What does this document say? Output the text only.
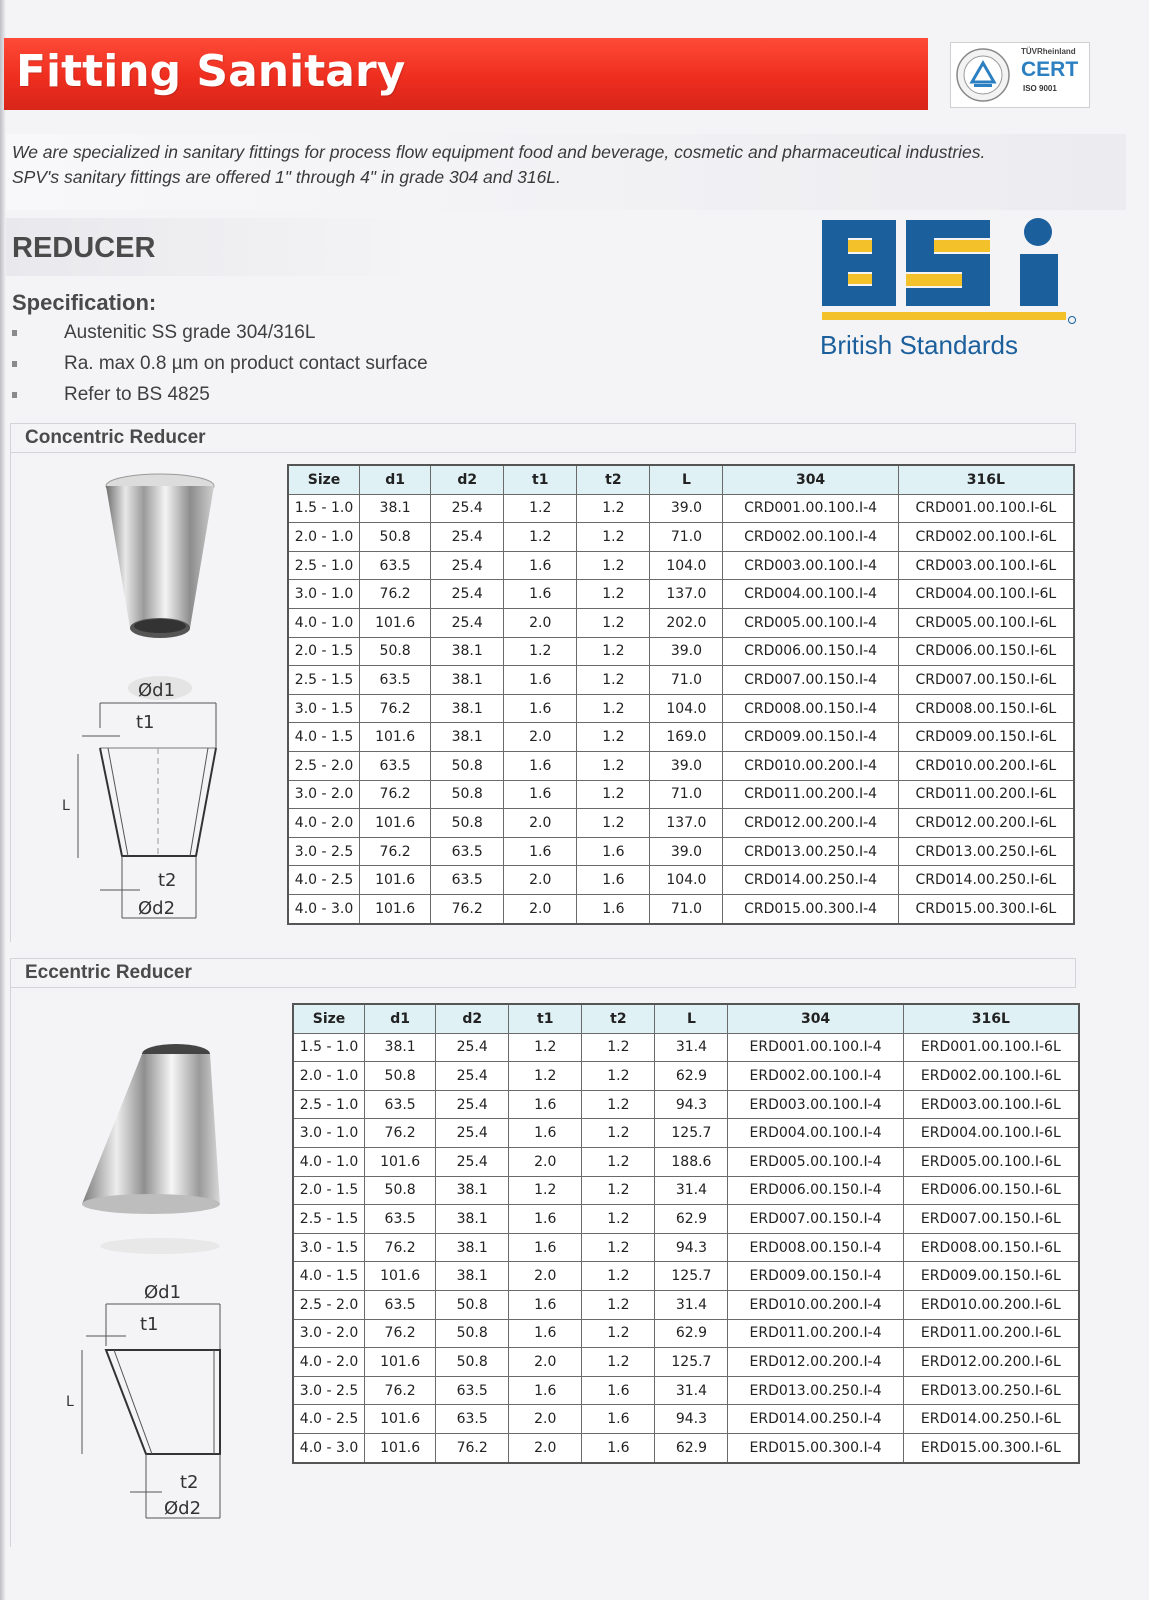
Fitting Sanitary	TÜVRheinland
CERT
ISO 9001

We are specialized in sanitary fittings for process flow equipment food and beverage, cosmetic and pharmaceutical industries.

SPV's sanitary fittings are offered 1" through 4" in grade 304 and 316L.

REDUCER
Specification:
Austenitic SS grade 304/316L
Ra. max 0.8 µm on product contact surface
Refer to BS 4825
British Standards
Concentric Reducer
Ød1
t1
L
t2
Ød2
Size	d1	d2	t1	t2	L	304	316L
1.5 - 1.0	38.1	25.4	1.2	1.2	39.0	CRD001.00.100.I-4	CRD001.00.100.I-6L
2.0 - 1.0	50.8	25.4	1.2	1.2	71.0	CRD002.00.100.I-4	CRD002.00.100.I-6L
2.5 - 1.0	63.5	25.4	1.6	1.2	104.0	CRD003.00.100.I-4	CRD003.00.100.I-6L
3.0 - 1.0	76.2	25.4	1.6	1.2	137.0	CRD004.00.100.I-4	CRD004.00.100.I-6L
4.0 - 1.0	101.6	25.4	2.0	1.2	202.0	CRD005.00.100.I-4	CRD005.00.100.I-6L
2.0 - 1.5	50.8	38.1	1.2	1.2	39.0	CRD006.00.150.I-4	CRD006.00.150.I-6L
2.5 - 1.5	63.5	38.1	1.6	1.2	71.0	CRD007.00.150.I-4	CRD007.00.150.I-6L
3.0 - 1.5	76.2	38.1	1.6	1.2	104.0	CRD008.00.150.I-4	CRD008.00.150.I-6L
4.0 - 1.5	101.6	38.1	2.0	1.2	169.0	CRD009.00.150.I-4	CRD009.00.150.I-6L
2.5 - 2.0	63.5	50.8	1.6	1.2	39.0	CRD010.00.200.I-4	CRD010.00.200.I-6L
3.0 - 2.0	76.2	50.8	1.6	1.2	71.0	CRD011.00.200.I-4	CRD011.00.200.I-6L
4.0 - 2.0	101.6	50.8	2.0	1.2	137.0	CRD012.00.200.I-4	CRD012.00.200.I-6L
3.0 - 2.5	76.2	63.5	1.6	1.6	39.0	CRD013.00.250.I-4	CRD013.00.250.I-6L
4.0 - 2.5	101.6	63.5	2.0	1.6	104.0	CRD014.00.250.I-4	CRD014.00.250.I-6L
4.0 - 3.0	101.6	76.2	2.0	1.6	71.0	CRD015.00.300.I-4	CRD015.00.300.I-6L
Eccentric Reducer
Ød1
t1
L
t2
Ød2
Size	d1	d2	t1	t2	L	304	316L
1.5 - 1.0	38.1	25.4	1.2	1.2	31.4	ERD001.00.100.I-4	ERD001.00.100.I-6L
2.0 - 1.0	50.8	25.4	1.2	1.2	62.9	ERD002.00.100.I-4	ERD002.00.100.I-6L
2.5 - 1.0	63.5	25.4	1.6	1.2	94.3	ERD003.00.100.I-4	ERD003.00.100.I-6L
3.0 - 1.0	76.2	25.4	1.6	1.2	125.7	ERD004.00.100.I-4	ERD004.00.100.I-6L
4.0 - 1.0	101.6	25.4	2.0	1.2	188.6	ERD005.00.100.I-4	ERD005.00.100.I-6L
2.0 - 1.5	50.8	38.1	1.2	1.2	31.4	ERD006.00.150.I-4	ERD006.00.150.I-6L
2.5 - 1.5	63.5	38.1	1.6	1.2	62.9	ERD007.00.150.I-4	ERD007.00.150.I-6L
3.0 - 1.5	76.2	38.1	1.6	1.2	94.3	ERD008.00.150.I-4	ERD008.00.150.I-6L
4.0 - 1.5	101.6	38.1	2.0	1.2	125.7	ERD009.00.150.I-4	ERD009.00.150.I-6L
2.5 - 2.0	63.5	50.8	1.6	1.2	31.4	ERD010.00.200.I-4	ERD010.00.200.I-6L
3.0 - 2.0	76.2	50.8	1.6	1.2	62.9	ERD011.00.200.I-4	ERD011.00.200.I-6L
4.0 - 2.0	101.6	50.8	2.0	1.2	125.7	ERD012.00.200.I-4	ERD012.00.200.I-6L
3.0 - 2.5	76.2	63.5	1.6	1.6	31.4	ERD013.00.250.I-4	ERD013.00.250.I-6L
4.0 - 2.5	101.6	63.5	2.0	1.6	94.3	ERD014.00.250.I-4	ERD014.00.250.I-6L
4.0 - 3.0	101.6	76.2	2.0	1.6	62.9	ERD015.00.300.I-4	ERD015.00.300.I-6L
